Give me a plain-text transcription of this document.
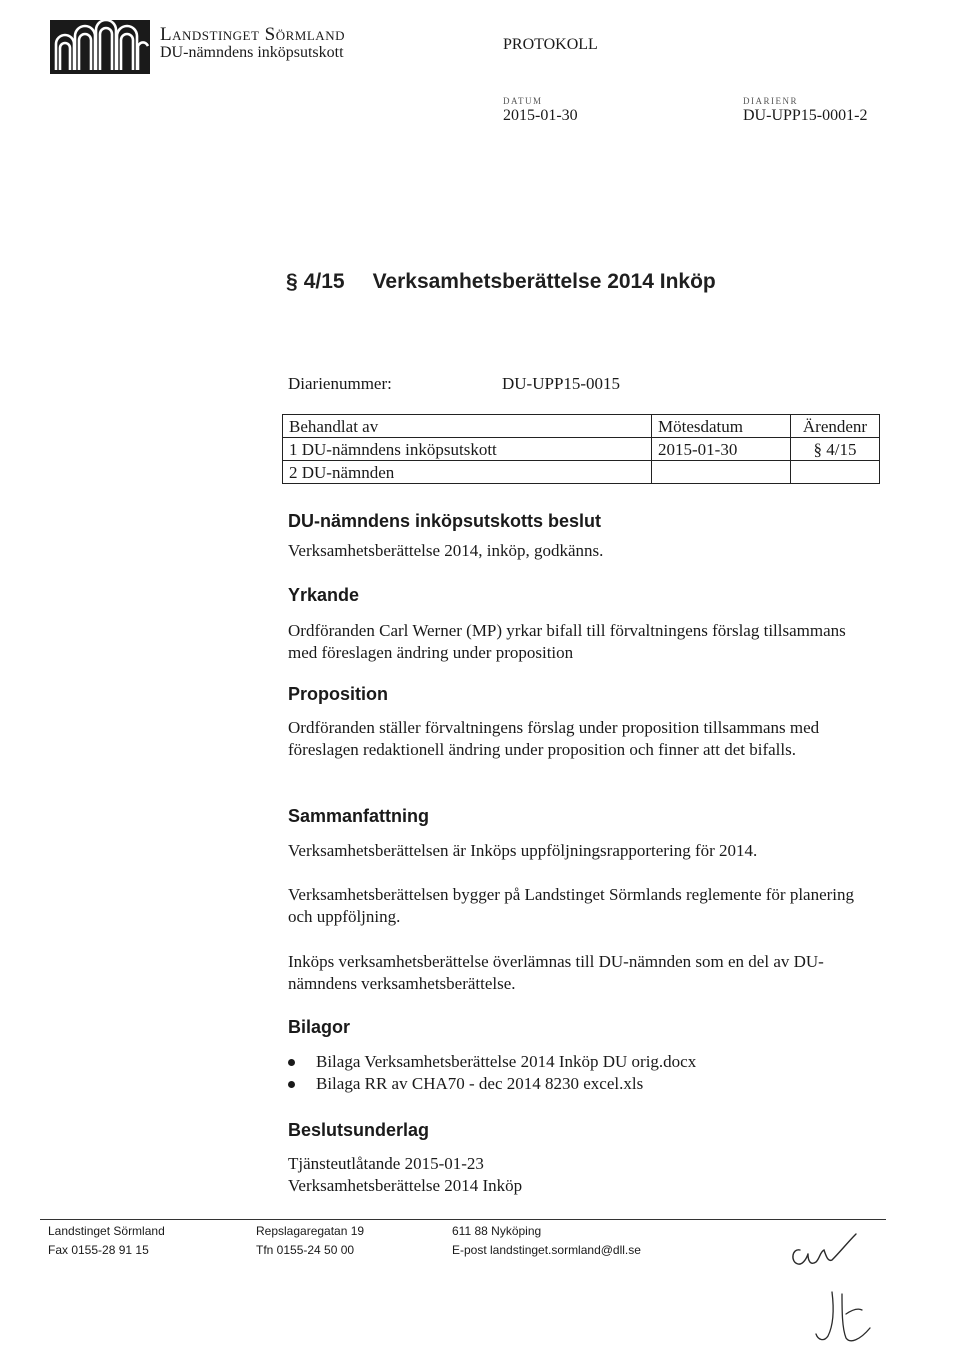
Landstinget Sörmland
DU-nämndens inköpsutskott	PROTOKOLL
DATUM
2015-01-30
DIARIENR
DU-UPP15-0001-2
§ 4/15 Verksamhetsberättelse 2014 Inköp
Diarienummer:	DU-UPP15-0015
Behandlat av	Mötesdatum	Ärendenr
1 DU-nämndens inköpsutskott	2015-01-30	§ 4/15
2 DU-nämnden		
DU-nämndens inköpsutskotts beslut
Verksamhetsberättelse 2014, inköp, godkänns.
Yrkande
Ordföranden Carl Werner (MP) yrkar bifall till förvaltningens förslag tillsammans med föreslagen ändring under proposition
Proposition
Ordföranden ställer förvaltningens förslag under proposition tillsammans med föreslagen redaktionell ändring under proposition och finner att det bifalls.
Sammanfattning
Verksamhetsberättelsen är Inköps uppföljningsrapportering för 2014.
Verksamhetsberättelsen bygger på Landstinget Sörmlands reglemente för planering och uppföljning.
Inköps verksamhetsberättelse överlämnas till DU-nämnden som en del av DU-nämndens verksamhetsberättelse.
Bilagor
Bilaga Verksamhetsberättelse 2014 Inköp DU orig.docx
Bilaga RR av CHA70 - dec 2014 8230 excel.xls
Beslutsunderlag
Tjänsteutlåtande 2015-01-23
Verksamhetsberättelse 2014 Inköp
Landstinget Sörmland
Fax 0155-28 91 15
Repslagaregatan 19
Tfn 0155-24 50 00
611 88 Nyköping
E-post landstinget.sormland@dll.se
